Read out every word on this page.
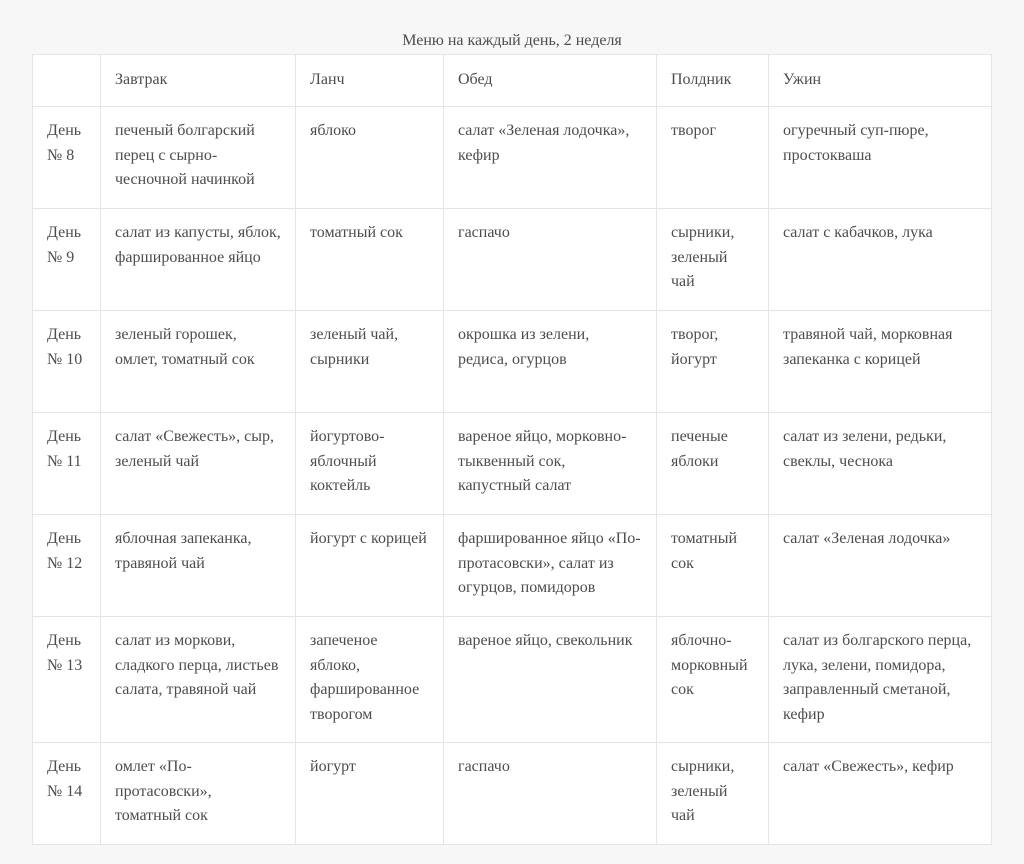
Меню на каждый день, 2 неделя
	Завтрак	Ланч	Обед	Полдник	Ужин
День № 8	печеный болгарский перец с сырно-чесночной начинкой	яблоко	салат «Зеленая лодочка», кефир	творог	огуречный суп-пюре, простокваша
День № 9	салат из капусты, яблок, фаршированное яйцо	томатный сок	гаспачо	сырники, зеленый чай	салат с кабачков, лука
День № 10	зеленый горошек, омлет, томатный сок	зеленый чай, сырники	окрошка из зелени, редиса, огурцов	творог, йогурт	травяной чай, морковная запеканка с корицей
День № 11	салат «Свежесть», сыр, зеленый чай	йогуртово-яблочный коктейль	вареное яйцо, морковно-тыквенный сок, капустный салат	печеные яблоки	салат из зелени, редьки, свеклы, чеснока
День № 12	яблочная запеканка, травяной чай	йогурт с корицей	фаршированное яйцо «По-протасовски», салат из огурцов, помидоров	томатный сок	салат «Зеленая лодочка»
День № 13	салат из моркови, сладкого перца, листьев салата, травяной чай	запеченое яблоко, фаршированное творогом	вареное яйцо, свекольник	яблочно-морковный сок	салат из болгарского перца, лука, зелени, помидора, заправленный сметаной, кефир
День № 14	омлет «По-протасовски», томатный сок	йогурт	гаспачо	сырники, зеленый чай	салат «Свежесть», кефир
